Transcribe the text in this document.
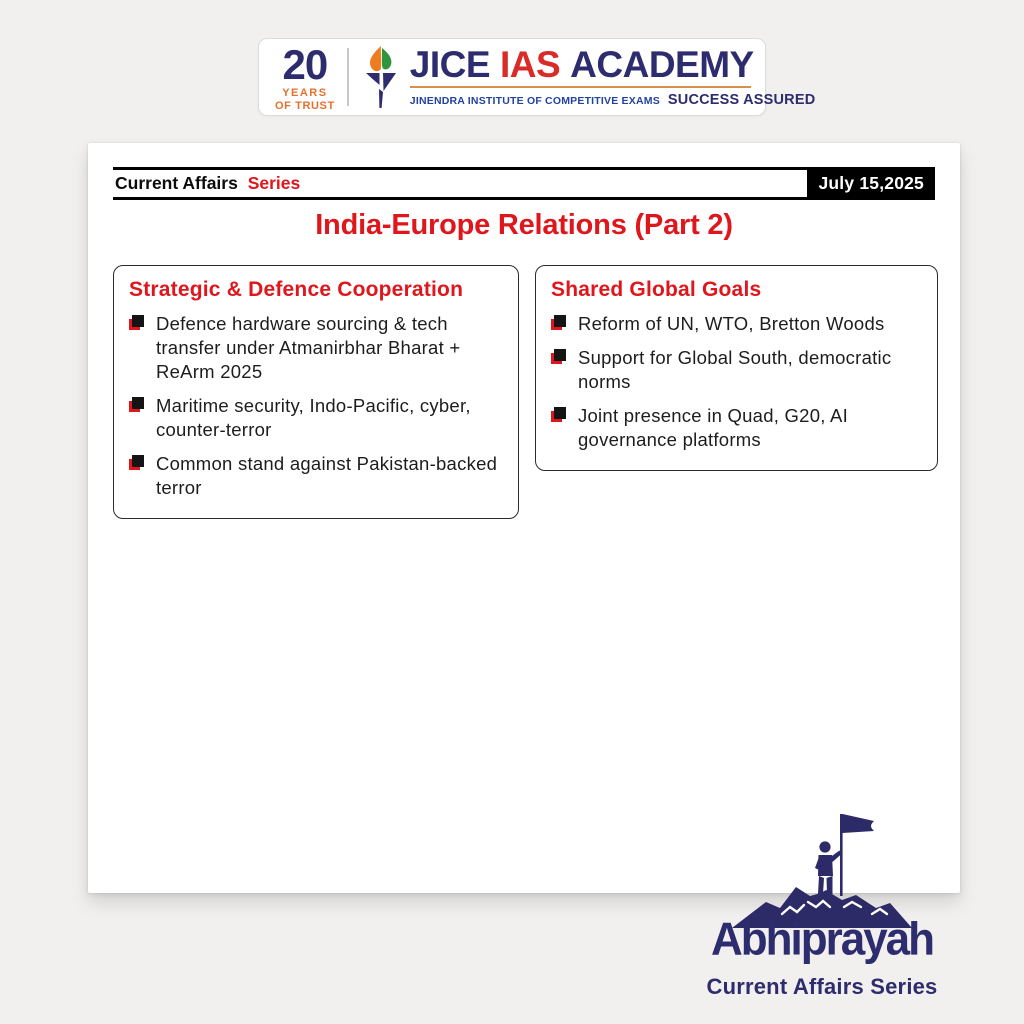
20
YEARS
OF TRUST
JICE IAS ACADEMY
JINENDRA INSTITUTE OF COMPETITIVE EXAMS SUCCESS ASSURED
Current Affairs Series	July 15,2025
India-Europe Relations (Part 2)
Strategic & Defence Cooperation

Defence hardware sourcing & tech transfer under Atmanirbhar Bharat + ReArm 2025

Maritime security, Indo-Pacific, cyber, counter-terror

Common stand against Pakistan-backed terror

Shared Global Goals

Reform of UN, WTO, Bretton Woods

Support for Global South, democratic norms

Joint presence in Quad, G20, AI governance platforms

Abhiprayah
Current Affairs Series
